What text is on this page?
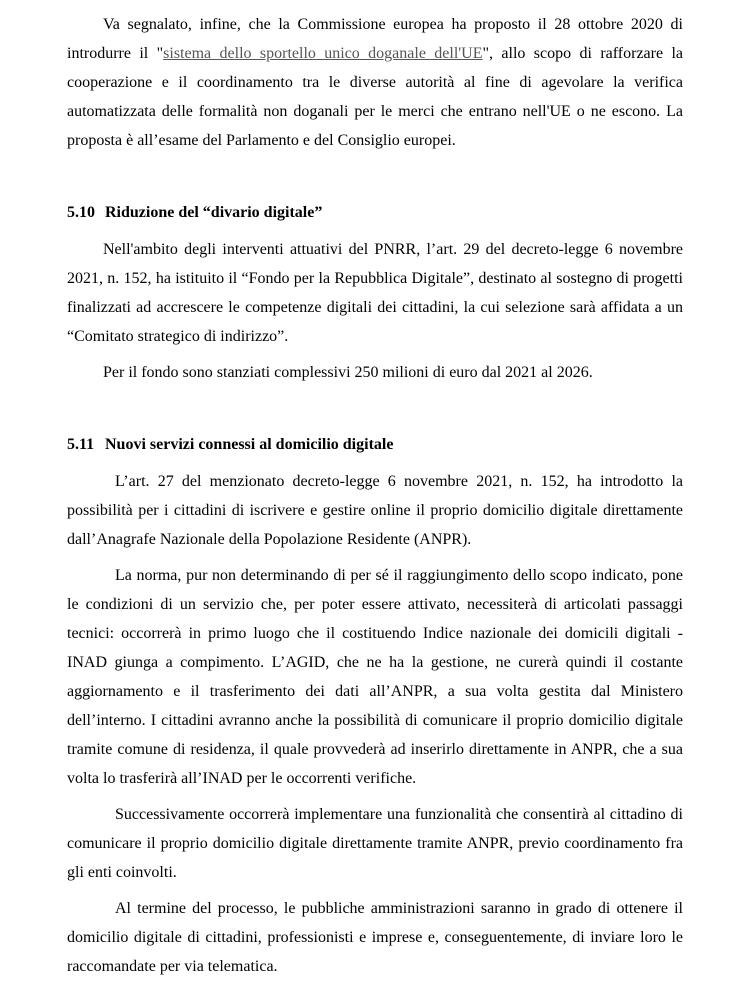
Va segnalato, infine, che la Commissione europea ha proposto il 28 ottobre 2020 di introdurre il "sistema dello sportello unico doganale dell'UE", allo scopo di rafforzare la cooperazione e il coordinamento tra le diverse autorità al fine di agevolare la verifica automatizzata delle formalità non doganali per le merci che entrano nell'UE o ne escono. La proposta è all’esame del Parlamento e del Consiglio europei.

5.10 Riduzione del “divario digitale”

Nell'ambito degli interventi attuativi del PNRR, l’art. 29 del decreto-legge 6 novembre 2021, n. 152, ha istituito il “Fondo per la Repubblica Digitale”, destinato al sostegno di progetti finalizzati ad accrescere le competenze digitali dei cittadini, la cui selezione sarà affidata a un “Comitato strategico di indirizzo”.

Per il fondo sono stanziati complessivi 250 milioni di euro dal 2021 al 2026.

5.11 Nuovi servizi connessi al domicilio digitale

L’art. 27 del menzionato decreto-legge 6 novembre 2021, n. 152, ha introdotto la possibilità per i cittadini di iscrivere e gestire online il proprio domicilio digitale direttamente dall’Anagrafe Nazionale della Popolazione Residente (ANPR).

La norma, pur non determinando di per sé il raggiungimento dello scopo indicato, pone le condizioni di un servizio che, per poter essere attivato, necessiterà di articolati passaggi tecnici: occorrerà in primo luogo che il costituendo Indice nazionale dei domicili digitali - INAD giunga a compimento. L’AGID, che ne ha la gestione, ne curerà quindi il costante aggiornamento e il trasferimento dei dati all’ANPR, a sua volta gestita dal Ministero dell’interno. I cittadini avranno anche la possibilità di comunicare il proprio domicilio digitale tramite comune di residenza, il quale provvederà ad inserirlo direttamente in ANPR, che a sua volta lo trasferirà all’INAD per le occorrenti verifiche.

Successivamente occorrerà implementare una funzionalità che consentirà al cittadino di comunicare il proprio domicilio digitale direttamente tramite ANPR, previo coordinamento fra gli enti coinvolti.

Al termine del processo, le pubbliche amministrazioni saranno in grado di ottenere il domicilio digitale di cittadini, professionisti e imprese e, conseguentemente, di inviare loro le raccomandate per via telematica.
